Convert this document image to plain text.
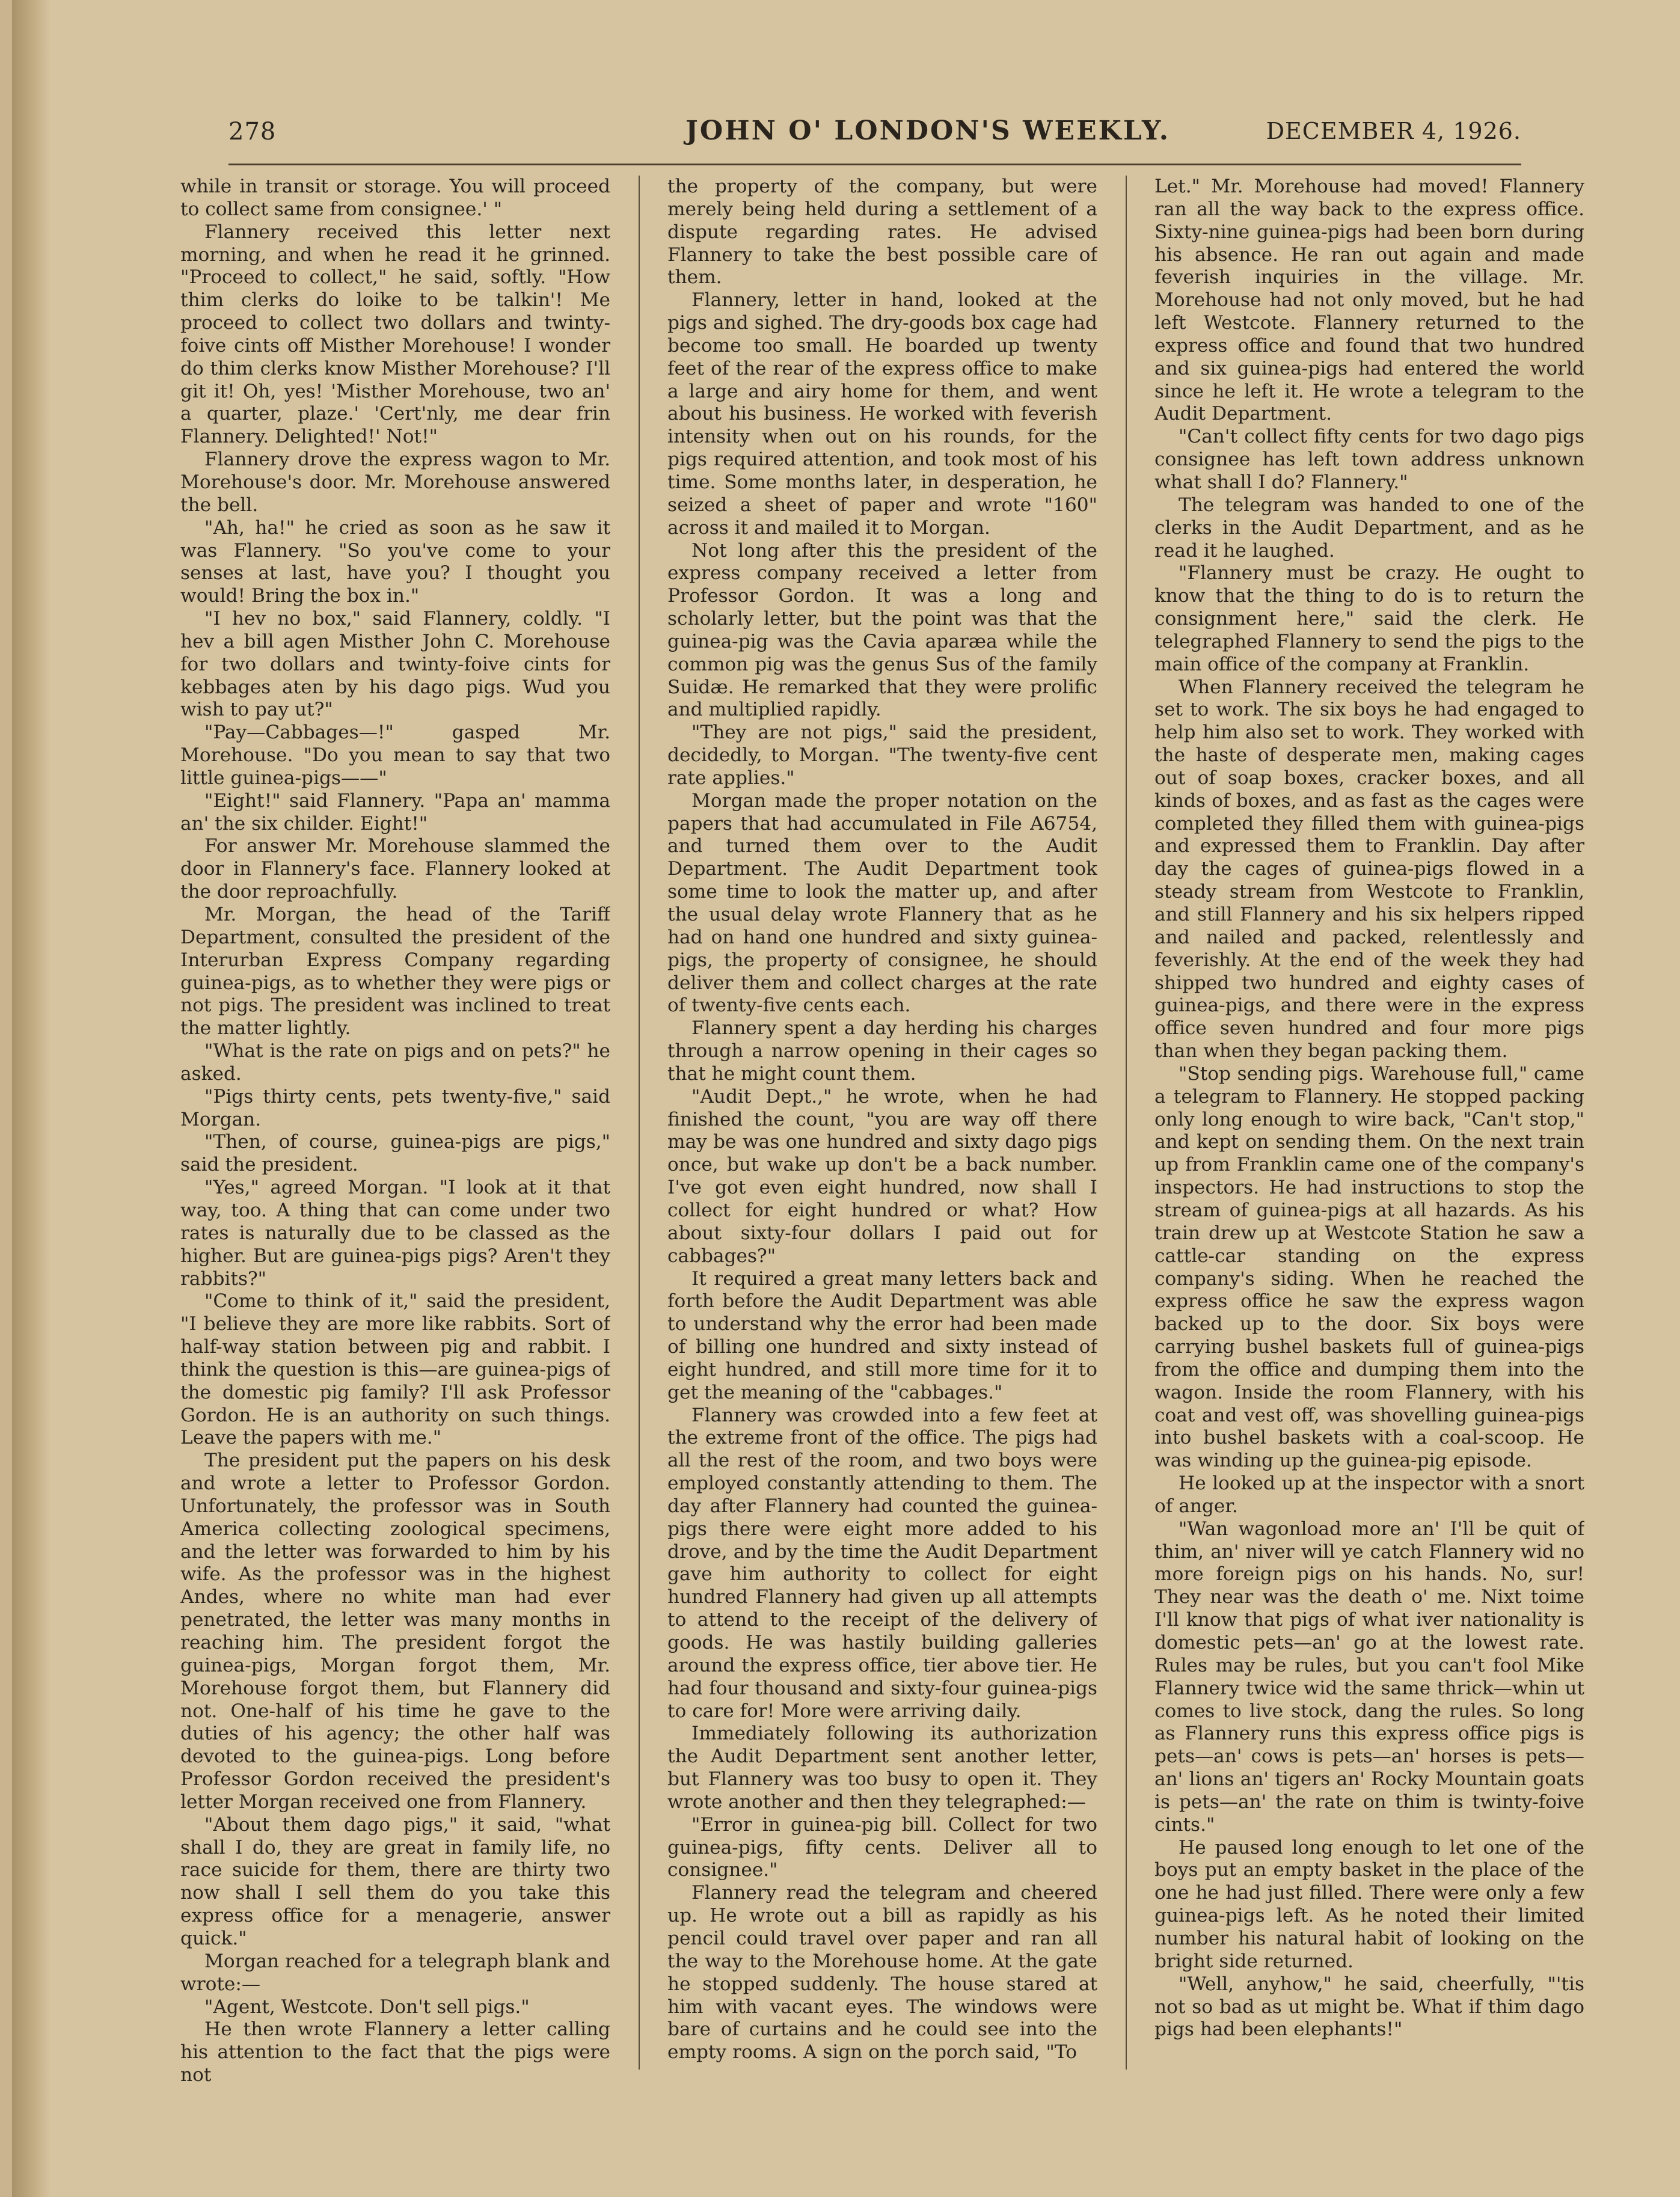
278	JOHN O' LONDON'S WEEKLY.	DECEMBER 4, 1926.

while in transit or storage. You will proceed to collect same from consignee.' "

Flannery received this letter next morning, and when he read it he grinned. "Proceed to collect," he said, softly. "How thim clerks do loike to be talkin'! Me proceed to collect two dollars and twinty-foive cints off Misther Morehouse! I wonder do thim clerks know Misther Morehouse? I'll git it! Oh, yes! 'Misther Morehouse, two an' a quarter, plaze.' 'Cert'nly, me dear frin Flannery. Delighted!' Not!"

Flannery drove the express wagon to Mr. Morehouse's door. Mr. Morehouse answered the bell.

"Ah, ha!" he cried as soon as he saw it was Flannery. "So you've come to your senses at last, have you? I thought you would! Bring the box in."

"I hev no box," said Flannery, coldly. "I hev a bill agen Misther John C. Morehouse for two dollars and twinty-foive cints for kebbages aten by his dago pigs. Wud you wish to pay ut?"

"Pay—Cabbages—!" gasped Mr. Morehouse. "Do you mean to say that two little guinea-pigs——"

"Eight!" said Flannery. "Papa an' mamma an' the six childer. Eight!"

For answer Mr. Morehouse slammed the door in Flannery's face. Flannery looked at the door reproachfully.

Mr. Morgan, the head of the Tariff Department, consulted the president of the Interurban Express Company regarding guinea-pigs, as to whether they were pigs or not pigs. The president was inclined to treat the matter lightly.

"What is the rate on pigs and on pets?" he asked.

"Pigs thirty cents, pets twenty-five," said Morgan.

"Then, of course, guinea-pigs are pigs," said the president.

"Yes," agreed Morgan. "I look at it that way, too. A thing that can come under two rates is naturally due to be classed as the higher. But are guinea-pigs pigs? Aren't they rabbits?"

"Come to think of it," said the president, "I believe they are more like rabbits. Sort of half-way station between pig and rabbit. I think the question is this—are guinea-pigs of the domestic pig family? I'll ask Professor Gordon. He is an authority on such things. Leave the papers with me."

The president put the papers on his desk and wrote a letter to Professor Gordon. Unfortunately, the professor was in South America collecting zoological specimens, and the letter was forwarded to him by his wife. As the professor was in the highest Andes, where no white man had ever penetrated, the letter was many months in reaching him. The president forgot the guinea-pigs, Morgan forgot them, Mr. Morehouse forgot them, but Flannery did not. One-half of his time he gave to the duties of his agency; the other half was devoted to the guinea-pigs. Long before Professor Gordon received the president's letter Morgan received one from Flannery.

"About them dago pigs," it said, "what shall I do, they are great in family life, no race suicide for them, there are thirty two now shall I sell them do you take this express office for a menagerie, answer quick."

Morgan reached for a telegraph blank and wrote:—

"Agent, Westcote. Don't sell pigs."

He then wrote Flannery a letter calling his attention to the fact that the pigs were not

the property of the company, but were merely being held during a settlement of a dispute regarding rates. He advised Flannery to take the best possible care of them.

Flannery, letter in hand, looked at the pigs and sighed. The dry-goods box cage had become too small. He boarded up twenty feet of the rear of the express office to make a large and airy home for them, and went about his business. He worked with feverish intensity when out on his rounds, for the pigs required attention, and took most of his time. Some months later, in desperation, he seized a sheet of paper and wrote "160" across it and mailed it to Morgan.

Not long after this the president of the express company received a letter from Professor Gordon. It was a long and scholarly letter, but the point was that the guinea-pig was the Cavia aparæa while the common pig was the genus Sus of the family Suidæ. He remarked that they were prolific and multiplied rapidly.

"They are not pigs," said the president, decidedly, to Morgan. "The twenty-five cent rate applies."

Morgan made the proper notation on the papers that had accumulated in File A6754, and turned them over to the Audit Department. The Audit Department took some time to look the matter up, and after the usual delay wrote Flannery that as he had on hand one hundred and sixty guinea-pigs, the property of consignee, he should deliver them and collect charges at the rate of twenty-five cents each.

Flannery spent a day herding his charges through a narrow opening in their cages so that he might count them.

"Audit Dept.," he wrote, when he had finished the count, "you are way off there may be was one hundred and sixty dago pigs once, but wake up don't be a back number. I've got even eight hundred, now shall I collect for eight hundred or what? How about sixty-four dollars I paid out for cabbages?"

It required a great many letters back and forth before the Audit Department was able to understand why the error had been made of billing one hundred and sixty instead of eight hundred, and still more time for it to get the meaning of the "cabbages."

Flannery was crowded into a few feet at the extreme front of the office. The pigs had all the rest of the room, and two boys were employed constantly attending to them. The day after Flannery had counted the guinea-pigs there were eight more added to his drove, and by the time the Audit Department gave him authority to collect for eight hundred Flannery had given up all attempts to attend to the receipt of the delivery of goods. He was hastily building galleries around the express office, tier above tier. He had four thousand and sixty-four guinea-pigs to care for! More were arriving daily.

Immediately following its authorization the Audit Department sent another letter, but Flannery was too busy to open it. They wrote another and then they telegraphed:—

"Error in guinea-pig bill. Collect for two guinea-pigs, fifty cents. Deliver all to consignee."

Flannery read the telegram and cheered up. He wrote out a bill as rapidly as his pencil could travel over paper and ran all the way to the Morehouse home. At the gate he stopped suddenly. The house stared at him with vacant eyes. The windows were bare of curtains and he could see into the empty rooms. A sign on the porch said, "To

Let." Mr. Morehouse had moved! Flannery ran all the way back to the express office. Sixty-nine guinea-pigs had been born during his absence. He ran out again and made feverish inquiries in the village. Mr. Morehouse had not only moved, but he had left Westcote. Flannery returned to the express office and found that two hundred and six guinea-pigs had entered the world since he left it. He wrote a telegram to the Audit Department.

"Can't collect fifty cents for two dago pigs consignee has left town address unknown what shall I do? Flannery."

The telegram was handed to one of the clerks in the Audit Department, and as he read it he laughed.

"Flannery must be crazy. He ought to know that the thing to do is to return the consignment here," said the clerk. He telegraphed Flannery to send the pigs to the main office of the company at Franklin.

When Flannery received the telegram he set to work. The six boys he had engaged to help him also set to work. They worked with the haste of desperate men, making cages out of soap boxes, cracker boxes, and all kinds of boxes, and as fast as the cages were completed they filled them with guinea-pigs and expressed them to Franklin. Day after day the cages of guinea-pigs flowed in a steady stream from Westcote to Franklin, and still Flannery and his six helpers ripped and nailed and packed, relentlessly and feverishly. At the end of the week they had shipped two hundred and eighty cases of guinea-pigs, and there were in the express office seven hundred and four more pigs than when they began packing them.

"Stop sending pigs. Warehouse full," came a telegram to Flannery. He stopped packing only long enough to wire back, "Can't stop," and kept on sending them. On the next train up from Franklin came one of the company's inspectors. He had instructions to stop the stream of guinea-pigs at all hazards. As his train drew up at Westcote Station he saw a cattle-car standing on the express company's siding. When he reached the express office he saw the express wagon backed up to the door. Six boys were carrying bushel baskets full of guinea-pigs from the office and dumping them into the wagon. Inside the room Flannery, with his coat and vest off, was shovelling guinea-pigs into bushel baskets with a coal-scoop. He was winding up the guinea-pig episode.

He looked up at the inspector with a snort of anger.

"Wan wagonload more an' I'll be quit of thim, an' niver will ye catch Flannery wid no more foreign pigs on his hands. No, sur! They near was the death o' me. Nixt toime I'll know that pigs of what iver nationality is domestic pets—an' go at the lowest rate. Rules may be rules, but you can't fool Mike Flannery twice wid the same thrick—whin ut comes to live stock, dang the rules. So long as Flannery runs this express office pigs is pets—an' cows is pets—an' horses is pets—an' lions an' tigers an' Rocky Mountain goats is pets—an' the rate on thim is twinty-foive cints."

He paused long enough to let one of the boys put an empty basket in the place of the one he had just filled. There were only a few guinea-pigs left. As he noted their limited number his natural habit of looking on the bright side returned.

"Well, anyhow," he said, cheerfully, "'tis not so bad as ut might be. What if thim dago pigs had been elephants!"
